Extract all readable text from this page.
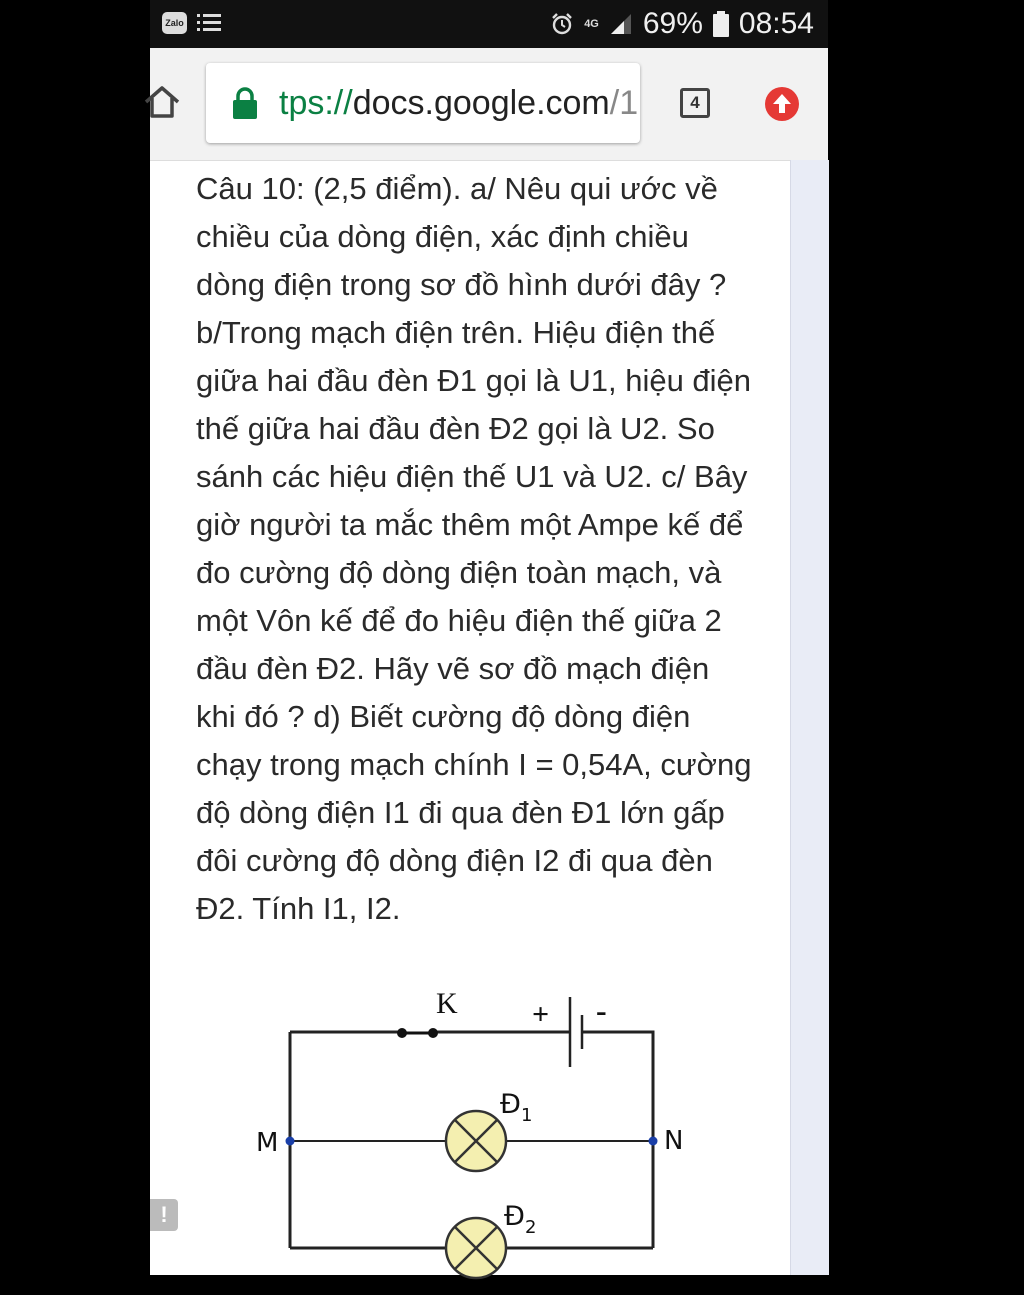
Zalo	4G 69% 08:54
tps://docs.google.com/1	4

Câu 10: (2,5 điểm). a/ Nêu qui ước về chiều của dòng điện, xác định chiều dòng điện trong sơ đồ hình dưới đây ? b/Trong mạch điện trên. Hiệu điện thế giữa hai đầu đèn Đ1 gọi là U1, hiệu điện thế giữa hai đầu đèn Đ2 gọi là U2. So sánh các hiệu điện thế U1 và U2. c/ Bây giờ người ta mắc thêm một Ampe kế để đo cường độ dòng điện toàn mạch, và một Vôn kế để đo hiệu điện thế giữa 2 đầu đèn Đ2. Hãy vẽ sơ đồ mạch điện khi đó ? d) Biết cường độ dòng điện chạy trong mạch chính I = 0,54A, cường độ dòng điện I1 đi qua đèn Đ1 lớn gấp đôi cường độ dòng điện I2 đi qua đèn Đ2. Tính I1, I2.

K + -
M	N
$Đ_1$
$Đ_2$
!
